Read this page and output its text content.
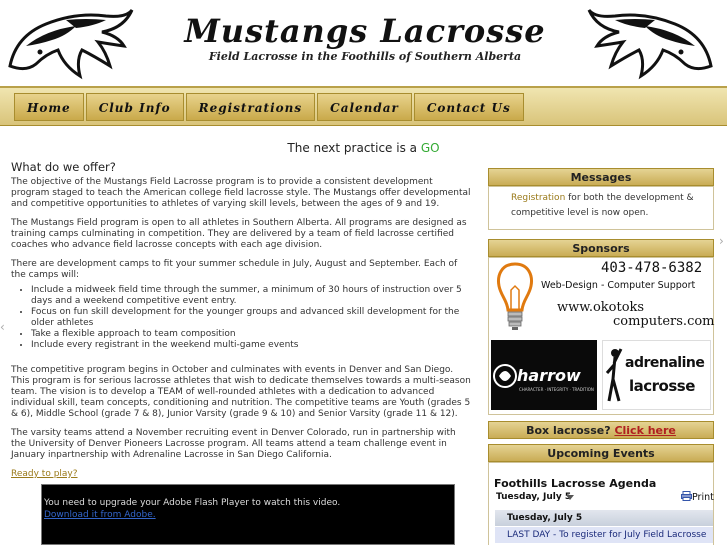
Mustangs Lacrosse
Field Lacrosse in the Foothills of Southern Alberta
Home	Club Info	Registrations	Calendar	Contact Us
The next practice is a GO
What do we offer?

The objective of the Mustangs Field Lacrosse program is to provide a consistent development program staged to teach the American college field lacrosse style. The Mustangs offer developmental and competitive opportunities to athletes of varying skill levels, between the ages of 9 and 19.

The Mustangs Field program is open to all athletes in Southern Alberta. All programs are designed as training camps culminating in competition. They are delivered by a team of field lacrosse certified coaches who advance field lacrosse concepts with each age division.

There are development camps to fit your summer schedule in July, August and September. Each of the camps will:

• Include a midweek field time through the summer, a minimum of 30 hours of instruction over 5 days and a weekend competitive event entry.
• Focus on fun skill development for the younger groups and advanced skill development for the older athletes
• Take a flexible approach to team composition
• Include every registrant in the weekend multi-game events

The competitive program begins in October and culminates with events in Denver and San Diego. This program is for serious lacrosse athletes that wish to dedicate themselves towards a multi-season team. The vision is to develop a TEAM of well-rounded athletes with a dedication to advanced individual skill, team concepts, conditioning and nutrition. The competitive teams are Youth (grades 5 & 6), Middle School (grade 7 & 8), Junior Varsity (grade 9 & 10) and Senior Varsity (grade 11 & 12).

The varsity teams attend a November recruiting event in Denver Colorado, run in partnership with the University of Denver Pioneers Lacrosse program. All teams attend a team challenge event in January inpartnership with Adrenaline Lacrosse in San Diego California.

Ready to play?

You need to upgrade your Adobe Flash Player to watch this video.
Download it from Adobe.
Messages
Registration for both the development & competitive level is now open.
Sponsors
403-478-6382
Web-Design - Computer Support
www.okotoks
computers.com
harrow
CHARACTER · INTEGRITY · TRADITION
adrenaline
lacrosse
Box lacrosse? Click here
Upcoming Events
Foothills Lacrosse Agenda
Tuesday, July 5	Print
Tuesday, July 5
LAST DAY - To register for July Field Lacrosse
‹
›
